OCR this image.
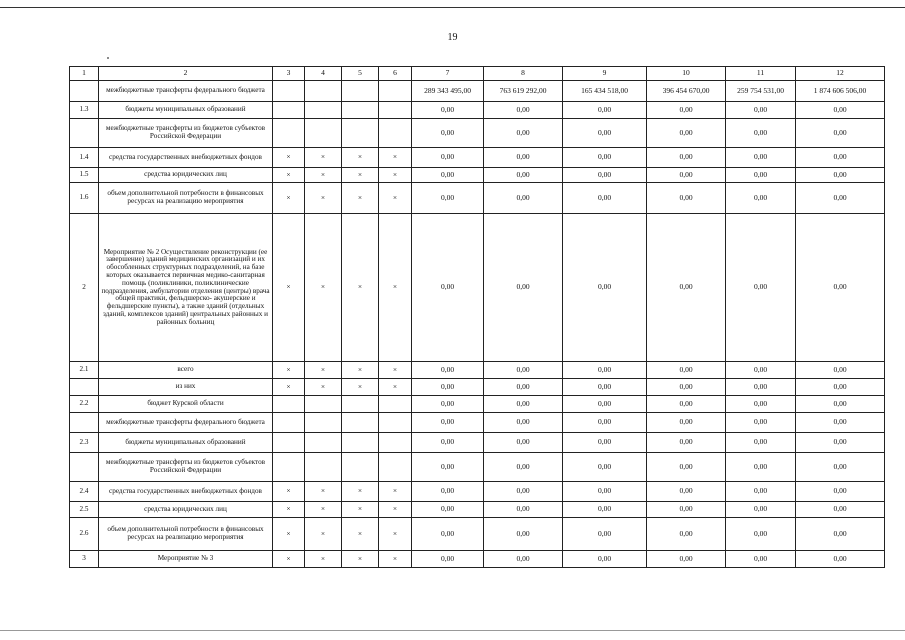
19
1	2	3	4	5	6	7	8	9	10	11	12
	межбюджетные трансферты федерального бюджета					289 343 495,00	763 619 292,00	165 434 518,00	396 454 670,00	259 754 531,00	1 874 606 506,00
1.3	бюджеты муниципальных образований					0,00	0,00	0,00	0,00	0,00	0,00
	межбюджетные трансферты из бюджетов субъектов Российской Федерации					0,00	0,00	0,00	0,00	0,00	0,00
1.4	средства государственных внебюджетных фондов	×	×	×	×	0,00	0,00	0,00	0,00	0,00	0,00
1.5	средства юридических лиц	×	×	×	×	0,00	0,00	0,00	0,00	0,00	0,00
1.6	объем дополнительной потребности в финансовых ресурсах на реализацию мероприятия	×	×	×	×	0,00	0,00	0,00	0,00	0,00	0,00
2	Мероприятие № 2 Осуществление реконструкции (ее завершение) зданий медицинских организаций и их обособленных структурных подразделений, на базе которых оказывается первичная медико-санитарная помощь (поликлиники, поликлинические подразделения, амбулатории отделения (центры) врача общей практики, фельдшерско- акушерские и фельдшерские пункты), а также зданий (отдельных зданий, комплексов зданий) центральных районных и районных больниц	×	×	×	×	0,00	0,00	0,00	0,00	0,00	0,00
2.1	всего	×	×	×	×	0,00	0,00	0,00	0,00	0,00	0,00
	из них	×	×	×	×	0,00	0,00	0,00	0,00	0,00	0,00
2.2	бюджет Курской области					0,00	0,00	0,00	0,00	0,00	0,00
	межбюджетные трансферты федерального бюджета					0,00	0,00	0,00	0,00	0,00	0,00
2.3	бюджеты муниципальных образований					0,00	0,00	0,00	0,00	0,00	0,00
	межбюджетные трансферты из бюджетов субъектов Российской Федерации					0,00	0,00	0,00	0,00	0,00	0,00
2.4	средства государственных внебюджетных фондов	×	×	×	×	0,00	0,00	0,00	0,00	0,00	0,00
2.5	средства юридических лиц	×	×	×	×	0,00	0,00	0,00	0,00	0,00	0,00
2.6	объем дополнительной потребности в финансовых ресурсах на реализацию мероприятия	×	×	×	×	0,00	0,00	0,00	0,00	0,00	0,00
3	Мероприятие № 3	×	×	×	×	0,00	0,00	0,00	0,00	0,00	0,00
